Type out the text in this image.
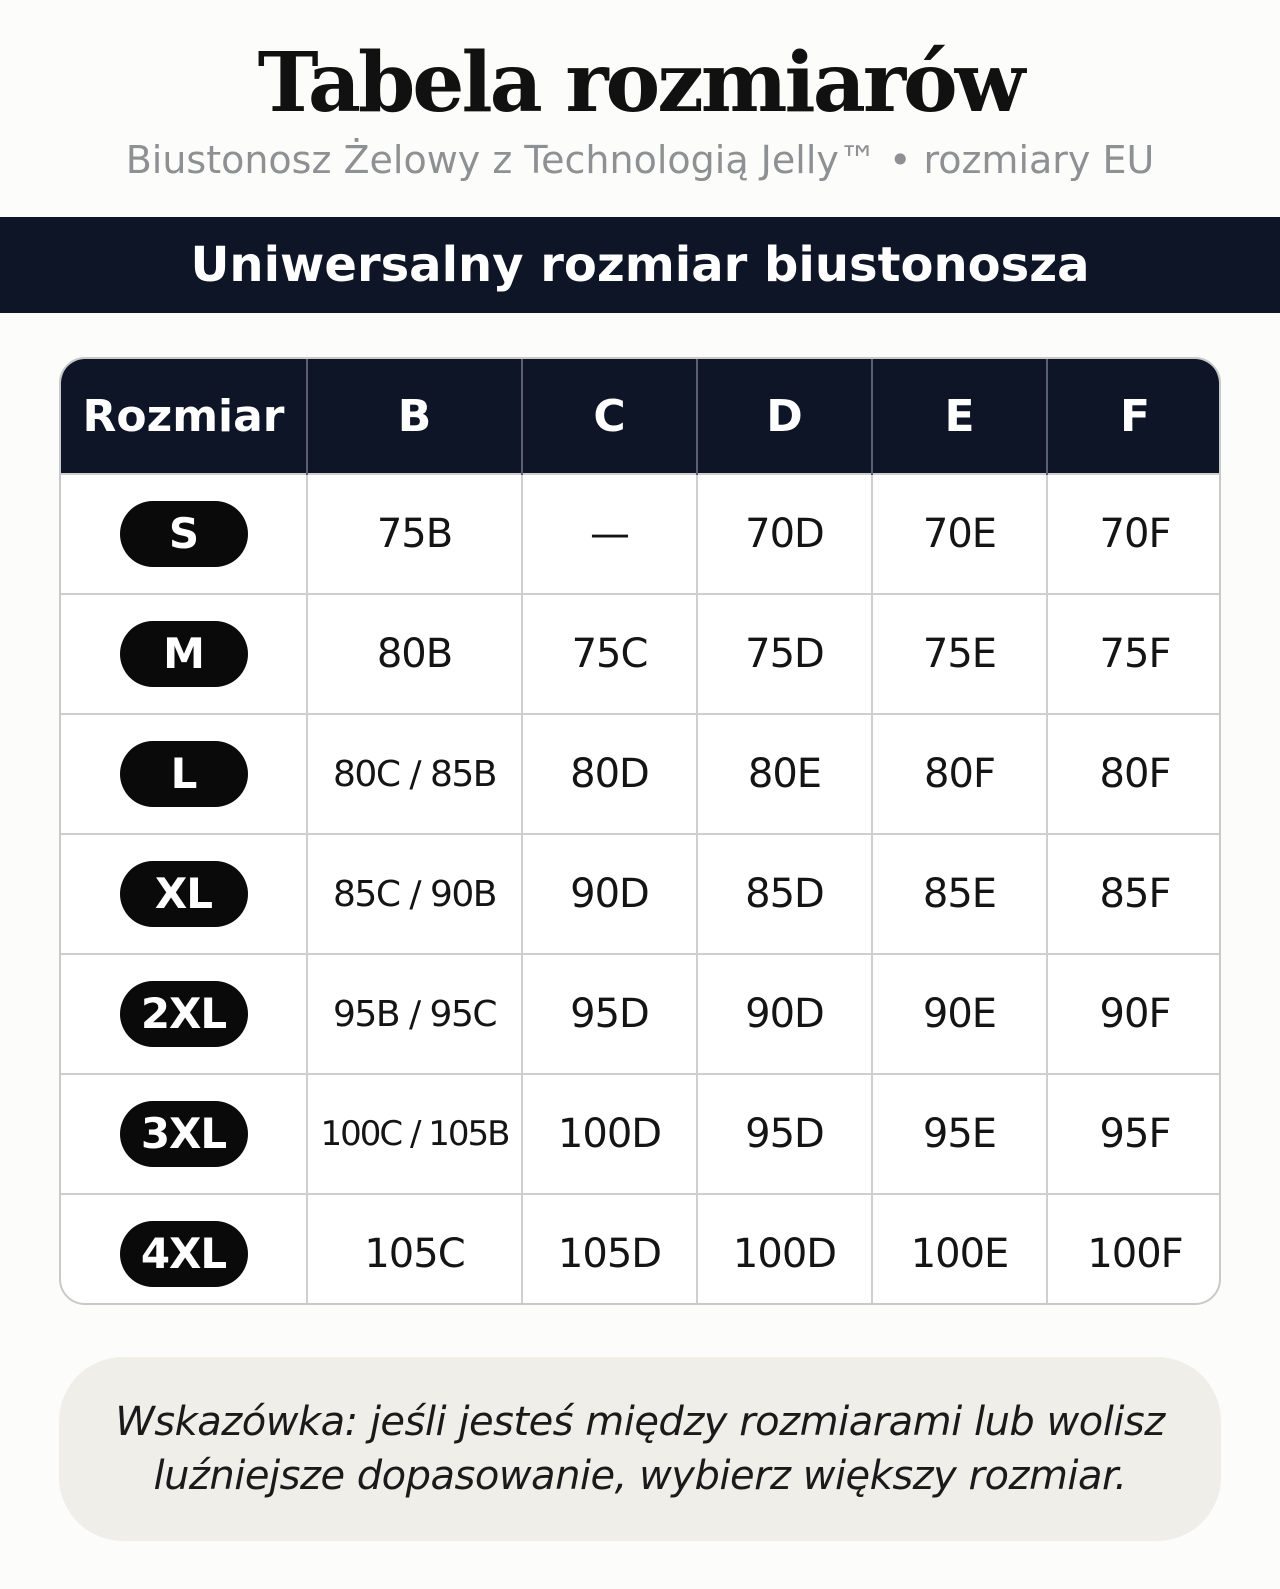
Tabela rozmiarów
Biustonosz Żelowy z Technologią Jelly™ • rozmiary EU
Uniwersalny rozmiar biustonosza
Rozmiar	B	C	D	E	F
S	75B	—	70D	70E	70F
M	80B	75C	75D	75E	75F
L	80C / 85B	80D	80E	80F	80F
XL	85C / 90B	90D	85D	85E	85F
2XL	95B / 95C	95D	90D	90E	90F
3XL	100C / 105B	100D	95D	95E	95F
4XL	105C	105D	100D	100E	100F
Wskazówka: jeśli jesteś między rozmiarami lub wolisz
luźniejsze dopasowanie, wybierz większy rozmiar.
